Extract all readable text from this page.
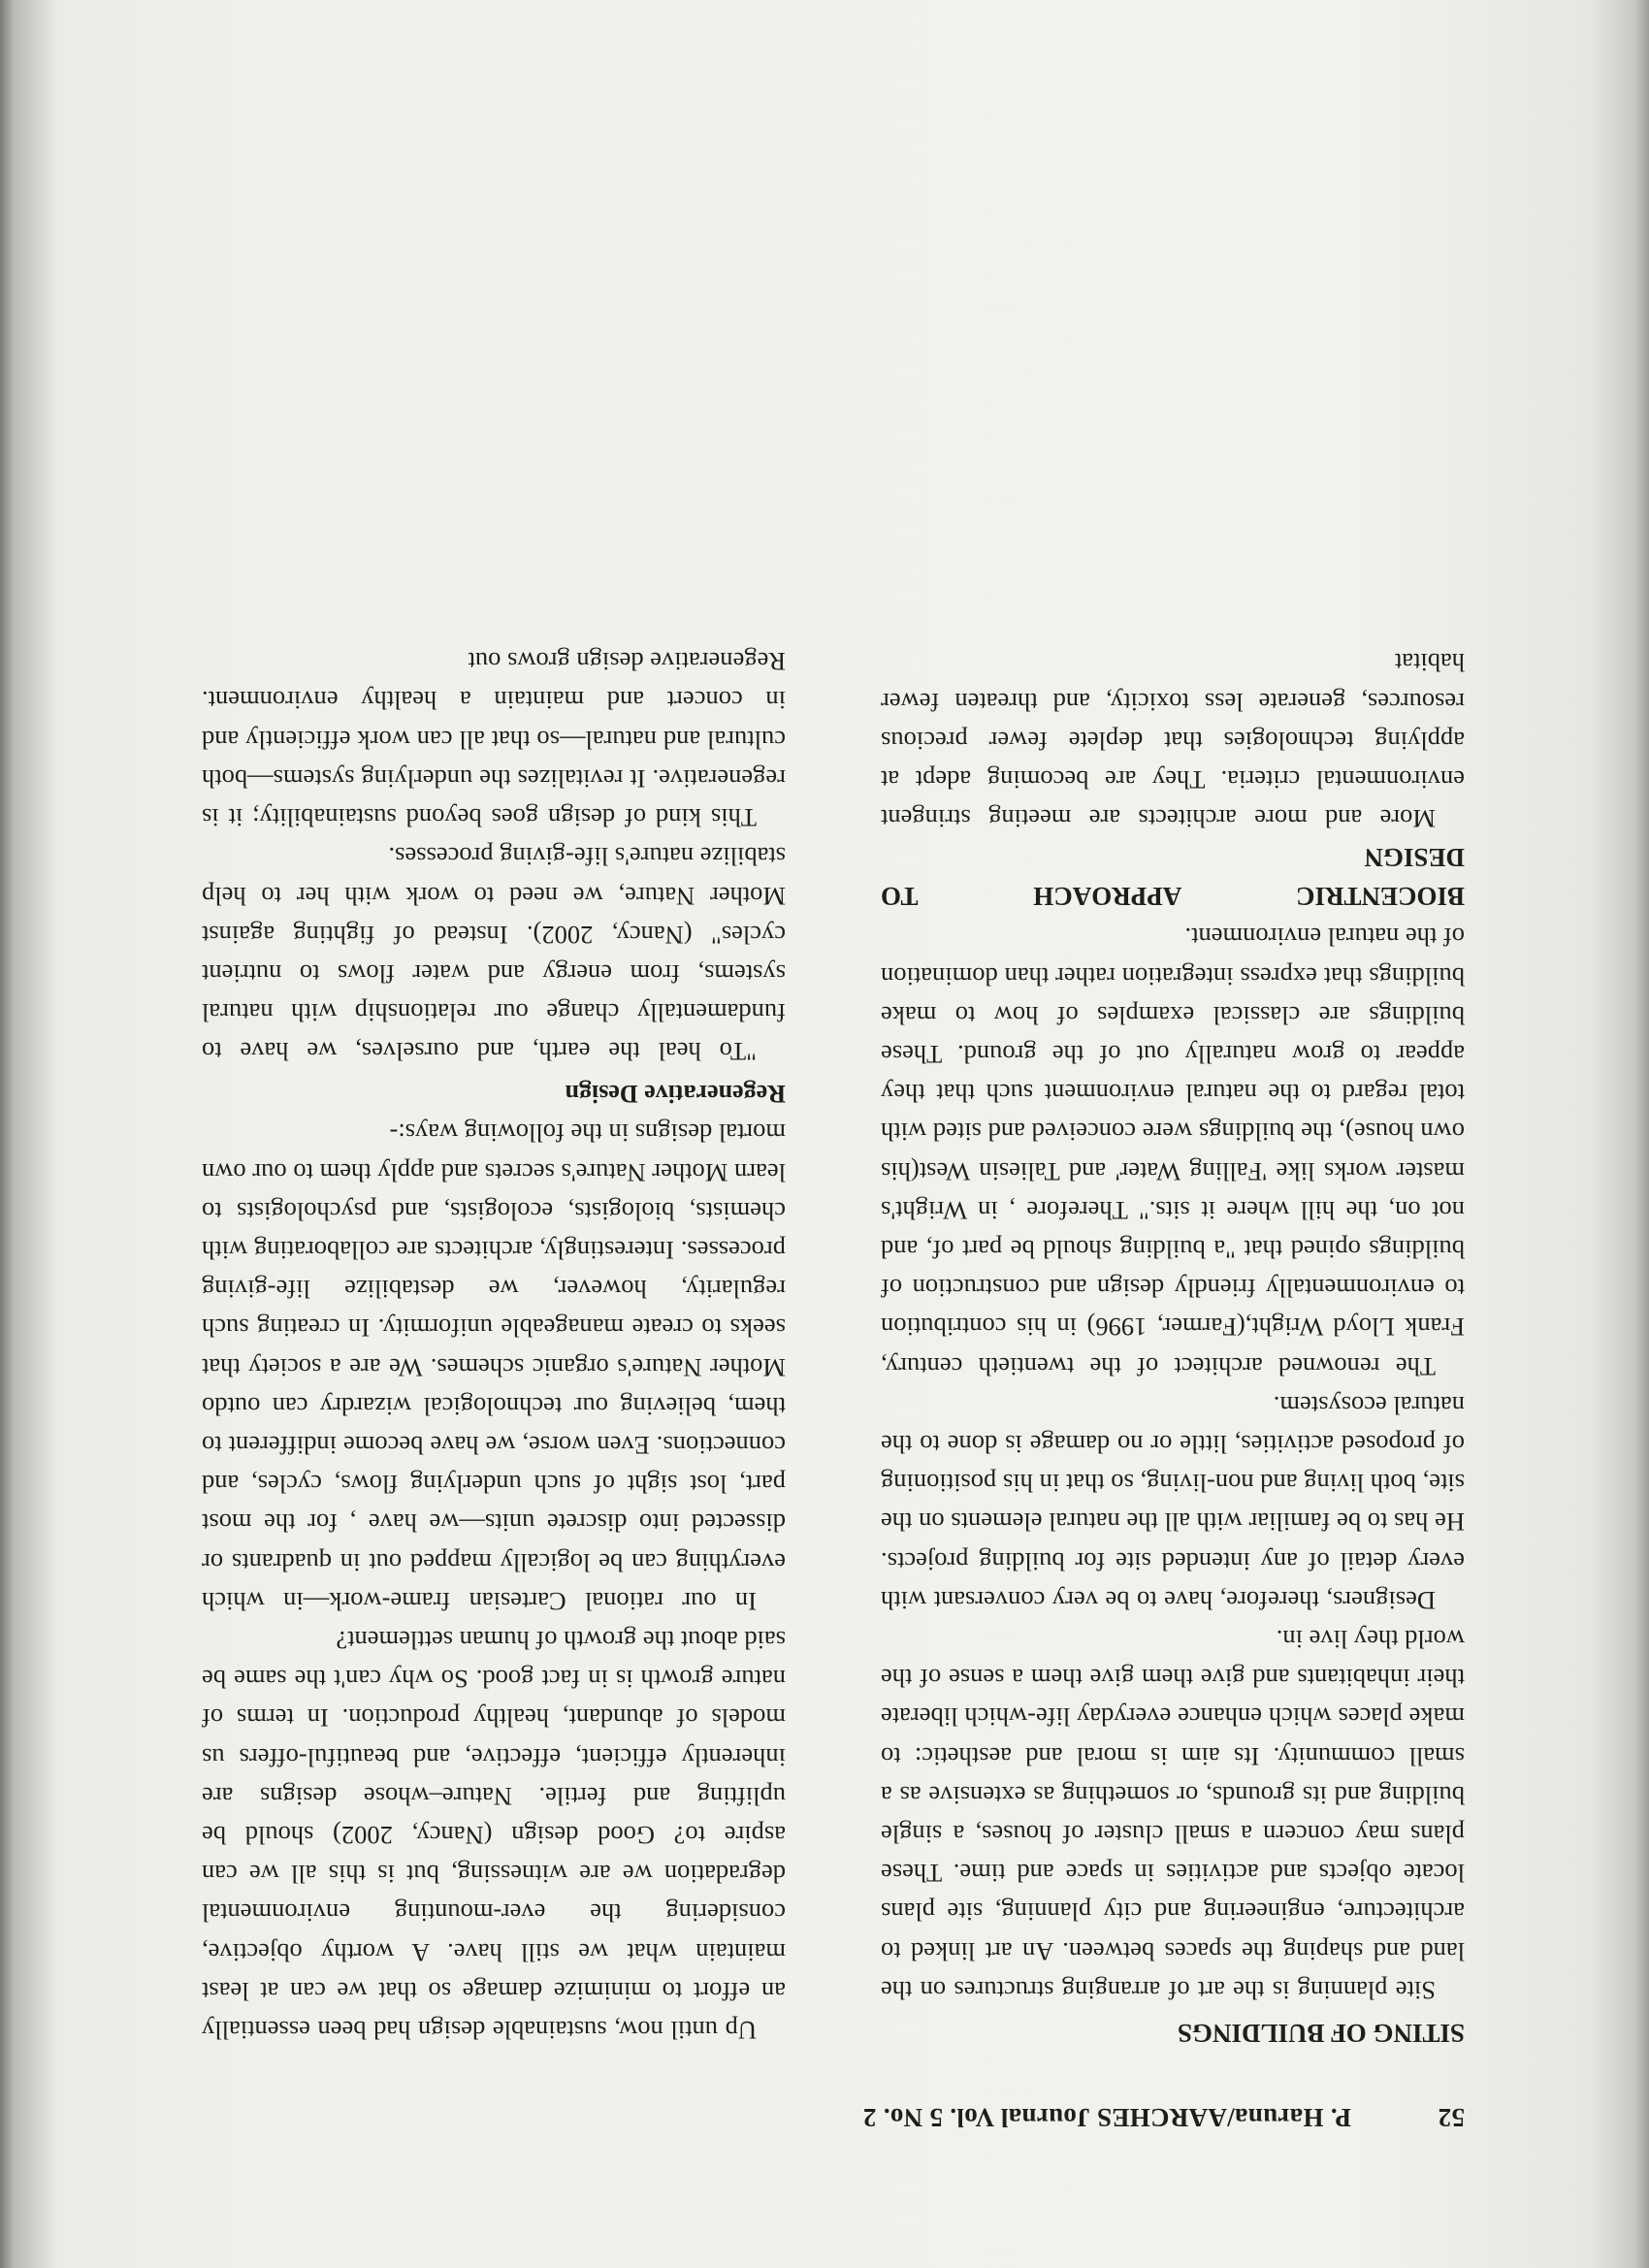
52 P. Haruna/AARCHES Journal Vol. 5 No. 2
SITING OF BUILDINGS

Site planning is the art of arranging structures on the land and shaping the spaces between. An art linked to architecture, engineering and city planning, site plans locate objects and activities in space and time. These plans may concern a small cluster of houses, a single building and its grounds, or something as extensive as a small community. Its aim is moral and aesthetic: to make places which enhance everyday life-which liberate their inhabitants and give them give them a sense of the world they live in.

Designers, therefore, have to be very conversant with every detail of any intended site for building projects. He has to be familiar with all the natural elements on the site, both living and non-living, so that in his positioning of proposed activities, little or no damage is done to the natural ecosystem.

The renowned architect of the twentieth century, Frank Lloyd Wright,(Farmer, 1996) in his contribution to environmentally friendly design and construction of buildings opined that "a building should be part of, and not on, the hill where it sits." Therefore , in Wright's master works like 'Falling Water' and Taliesin West(his own house), the buildings were conceived and sited with total regard to the natural environment such that they appear to grow naturally out of the ground. These buildings are classical examples of how to make buildings that express integration rather than domination of the natural environment.

BIOCENTRIC APPROACH TO
DESIGN

More and more architects are meeting stringent environmental criteria. They are becoming adept at applying technologies that deplete fewer precious resources, generate less toxicity, and threaten fewer habitat

Up until now, sustainable design had been essentially an effort to minimize damage so that we can at least maintain what we still have. A worthy objective, considering the ever-mounting environmental degradation we are witnessing, but is this all we can aspire to? Good design (Nancy, 2002) should be uplifting and fertile. Nature–whose designs are inherently efficient, effective, and beautiful-offers us models of abundant, healthy production. In terms of nature growth is in fact good. So why can't the same be said about the growth of human settlement?

In our rational Cartesian frame-work—in which everything can be logically mapped out in quadrants or dissected into discrete units—we have , for the most part, lost sight of such underlying flows, cycles, and connections. Even worse, we have become indifferent to them, believing our technological wizardry can outdo Mother Nature's organic schemes. We are a society that seeks to create manageable uniformity. In creating such regularity, however, we destabilize life-giving processes. Interestingly, architects are collaborating with chemists, biologists, ecologists, and psychologists to learn Mother Nature's secrets and apply them to our own mortal designs in the following ways:-

Regenerative Design

"To heal the earth, and ourselves, we have to fundamentally change our relationship with natural systems, from energy and water flows to nutrient cycles" (Nancy, 2002). Instead of fighting against Mother Nature, we need to work with her to help stabilize nature's life-giving processes.

This kind of design goes beyond sustainability; it is regenerative. It revitalizes the underlying systems—both cultural and natural—so that all can work efficiently and in concert and maintain a healthy environment. Regenerative design grows out
